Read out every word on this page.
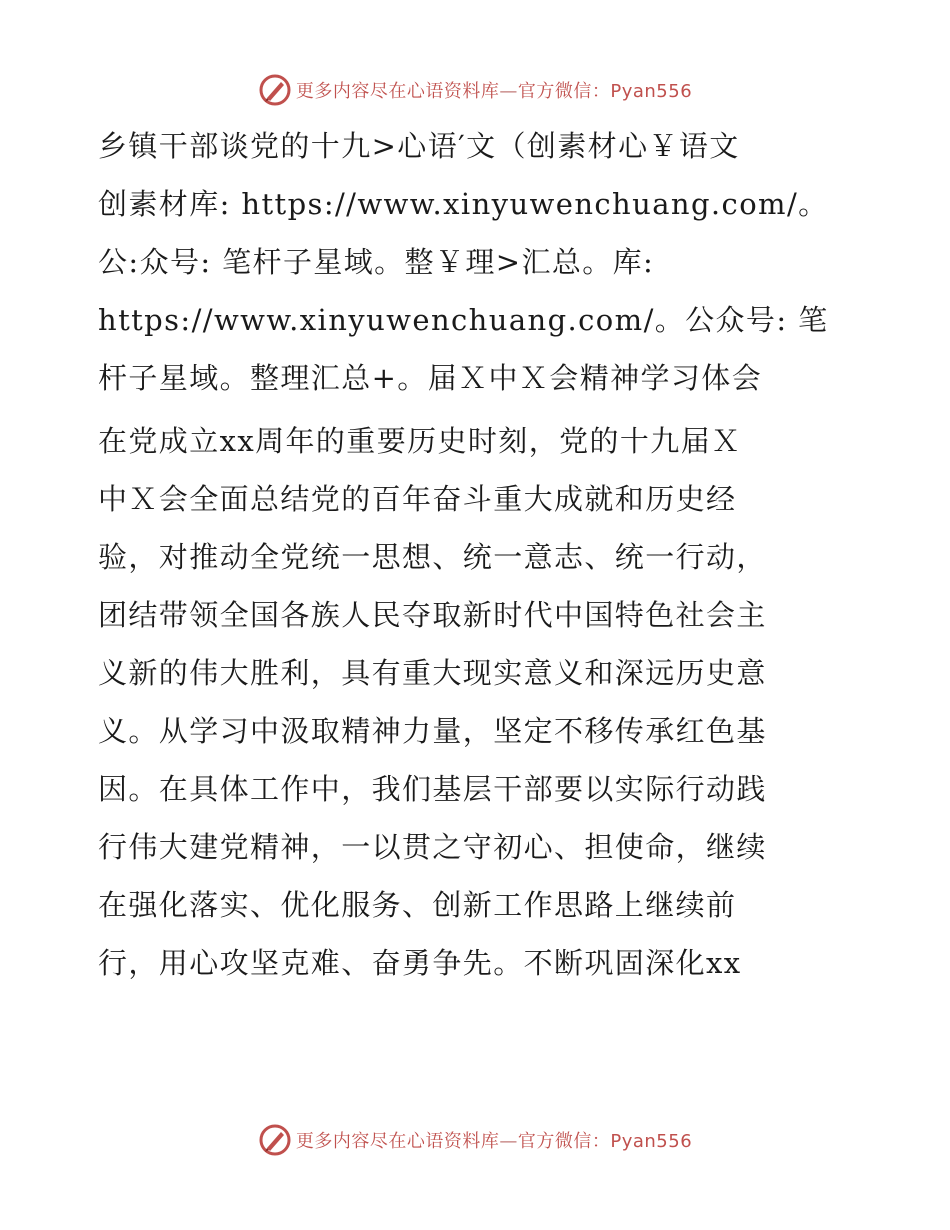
更多内容尽在心语资料库—官方微信：Pyan556
乡镇干部谈党的十九>心语′文（创素材心￥语文
创素材库: https://www.xinyuwenchuang.com/。
公:众号: 笔杆子星域。整￥理>汇总。库:
https://www.xinyuwenchuang.com/。公众号: 笔
杆子星域。整理汇总+。届Ｘ中Ｘ会精神学习体会
在党成立xx周年的重要历史时刻，党的十九届Ｘ
中Ｘ会全面总结党的百年奋斗重大成就和历史经
验，对推动全党统一思想、统一意志、统一行动，
团结带领全国各族人民夺取新时代中国特色社会主
义新的伟大胜利，具有重大现实意义和深远历史意
义。从学习中汲取精神力量，坚定不移传承红色基
因。在具体工作中，我们基层干部要以实际行动践
行伟大建党精神，一以贯之守初心、担使命，继续
在强化落实、优化服务、创新工作思路上继续前
行，用心攻坚克难、奋勇争先。不断巩固深化xx
更多内容尽在心语资料库—官方微信：Pyan556
